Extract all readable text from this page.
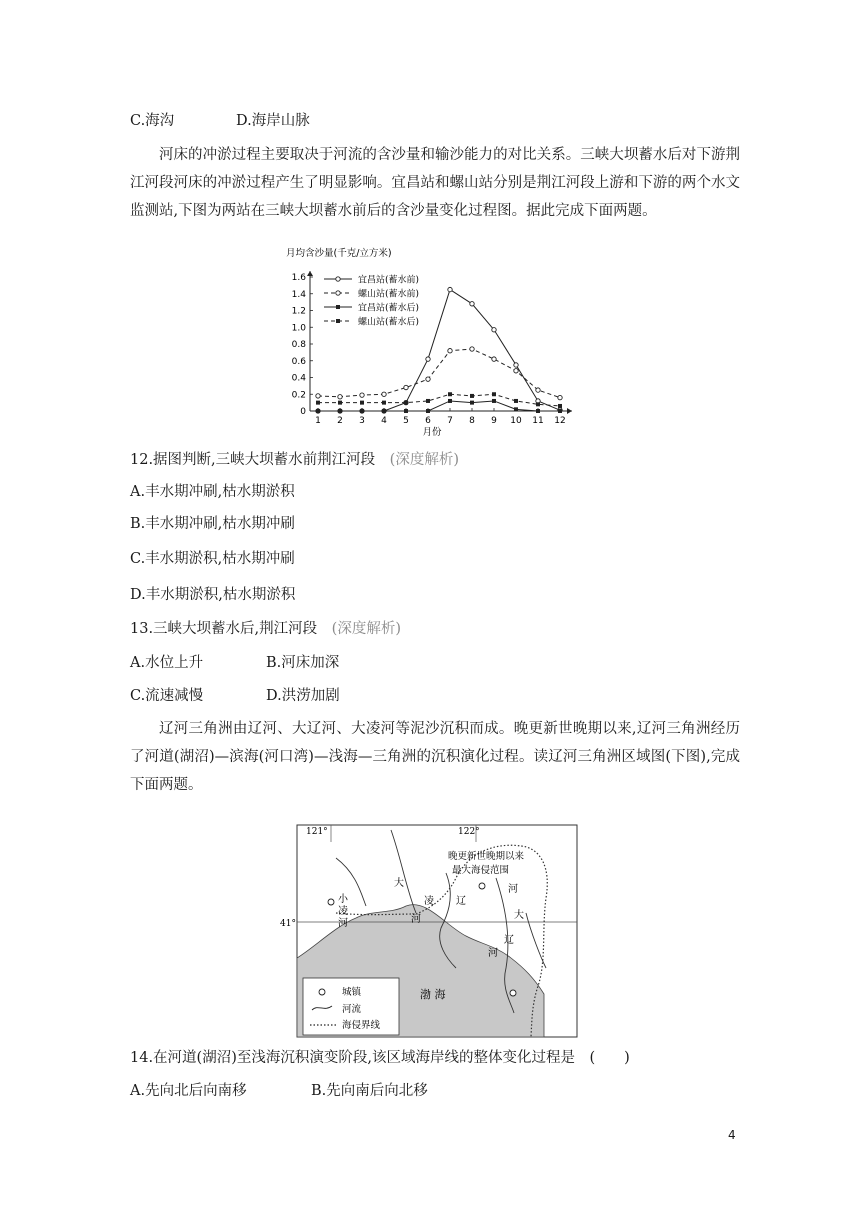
C.海沟	D.海岸山脉
河床的冲淤过程主要取决于河流的含沙量和输沙能力的对比关系。三峡大坝蓄水后对下游荆江河段河床的冲淤过程产生了明显影响。宜昌站和螺山站分别是荆江河段上游和下游的两个水文监测站,下图为两站在三峡大坝蓄水前后的含沙量变化过程图。据此完成下面两题。
月均含沙量(千克/立方米)
0
0.2
0.4
0.6
0.8
1.0
1.2
1.4
1.6
1 2 3 4 5 6 7 8 9 10 11 12
宜昌站(蓄水前)
螺山站(蓄水前)
宜昌站(蓄水后)
螺山站(蓄水后)
月份
12.据图判断,三峡大坝蓄水前荆江河段　 (深度解析)
A.丰水期冲刷,枯水期淤积
B.丰水期冲刷,枯水期冲刷
C.丰水期淤积,枯水期冲刷
D.丰水期淤积,枯水期淤积
13.三峡大坝蓄水后,荆江河段　 (深度解析)
A.水位上升	B.河床加深
C.流速减慢	D.洪涝加剧
辽河三角洲由辽河、大辽河、大凌河等泥沙沉积而成。晚更新世晚期以来,辽河三角洲经历了河道(湖沼)—滨海(河口湾)—浅海—三角洲的沉积演化过程。读辽河三角洲区域图(下图),完成下面两题。
121°	122°
41°
晚更新世晚期以来
最大海侵范围
小
凌
河
大
凌
河
辽
河
大
辽
河
渤 海
城镇
河流
海侵界线
14.在河道(湖沼)至浅海沉积演变阶段,该区域海岸线的整体变化过程是　 (　　)
A.先向北后向南移	B.先向南后向北移
4
